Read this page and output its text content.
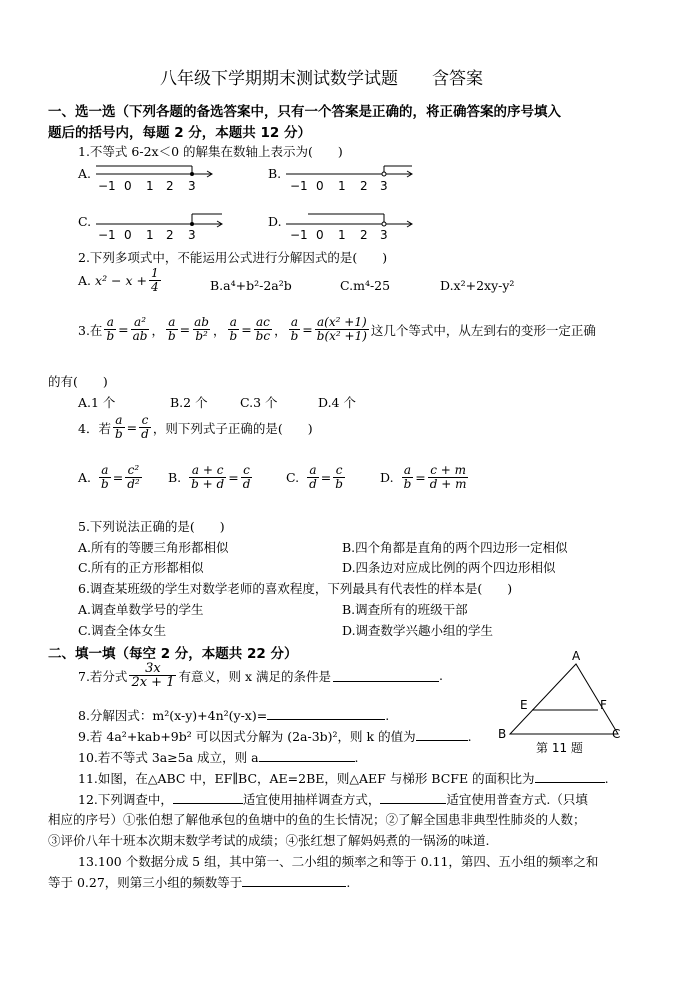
八年级下学期期末测试数学试题　　含答案
一、选一选（下列各题的备选答案中，只有一个答案是正确的，将正确答案的序号填入
题后的括号内，每题 2 分，本题共 12 分）
1.不等式 6-2x＜0 的解集在数轴上表示为(　　)
A.
−1 0 1 2 3
B.
−1 0 1 2 3
C.
−1 0 1 2 3
D.
−1 0 1 2 3
2.下列多项式中，不能运用公式进行分解因式的是(　　)
A. $x^2 - x + \frac{1}{4}$	B.a⁴+b²-2a²b	C.m⁴-25	D.x²+2xy-y²
3.在 $\frac{a}{b} = \frac{\text{a²}}{ab}$ ， $\frac{a}{b} = \frac{ab}{\text{b²}}$ ， $\frac{a}{b} = \frac{ac}{bc}$ ， $\frac{a}{b} = \frac{\text{a(x² +1)}}{\text{b(x² +1)}}$ 这几个等式中，从左到右的变形一定正确
的有(　　)
A.1 个	B.2 个	C.3 个	D.4 个
4．若 $\frac{a}{b} = \frac{c}{d}$ ，则下列式子正确的是(　　)
A. $\frac{a}{b} = \frac{\text{c²}}{\text{d²}} B$. $\frac{a + c}{b + d} = \frac{c}{d}$	C. $\frac{a}{d} = \frac{c}{b}$	D. $\frac{a}{b} = \frac{c + m}{d + m}$
5.下列说法正确的是(　　)
A.所有的等腰三角形都相似	B.四个角都是直角的两个四边形一定相似
C.所有的正方形都相似	D.四条边对应成比例的两个四边形相似
6.调查某班级的学生对数学老师的喜欢程度，下列最具有代表性的样本是(　　)
A.调查单数学号的学生	B.调查所有的班级干部
C.调查全体女生	D.调查数学兴趣小组的学生
二、填一填（每空 2 分，本题共 22 分）
7.若分式 $\frac{3x}{2x + 1}$ 有意义，则 x 满足的条件是	.
8.分解因式：m²(x-y)+4n²(y-x)=	.
9.若 4a²+kab+9b² 可以因式分解为 (2a-3b)²，则 k 的值为	.
10.若不等式 3a≥5a 成立，则 a	.
11.如图，在△ABC 中，EF∥BC，AE=2BE，则△AEF 与梯形 BCFE 的面积比为	.
12.下列调查中，	适宜使用抽样调查方式，	适宜使用普查方式.（只填
相应的序号）①张伯想了解他承包的鱼塘中的鱼的生长情况；②了解全国患非典型性肺炎的人数；
③评价八年十班本次期末数学考试的成绩；④张红想了解妈妈煮的一锅汤的味道.
13.100 个数据分成 5 组，其中第一、二小组的频率之和等于 0.11，第四、五小组的频率之和
等于 0.27，则第三小组的频数等于	.
A
E	F
B	C
第 11 题
